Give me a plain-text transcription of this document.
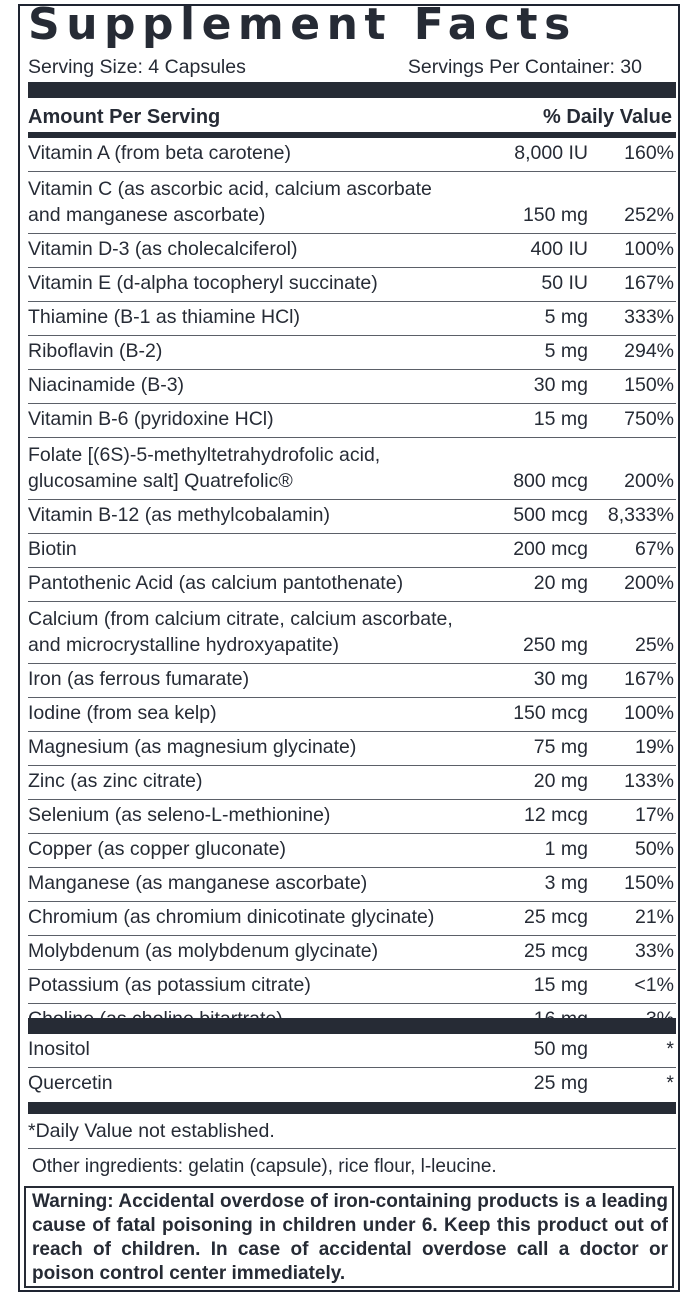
Supplement Facts
Serving Size: 4 Capsules	Servings Per Container: 30
Amount Per Serving	% Daily Value
Vitamin A (from beta carotene)	8,000 IU 160%
Vitamin C (as ascorbic acid, calcium ascorbate
and manganese ascorbate)	150 mg 252%
Vitamin D-3 (as cholecalciferol)	400 IU 100%
Vitamin E (d-alpha tocopheryl succinate)	50 IU 167%
Thiamine (B-1 as thiamine HCl)	5 mg 333%
Riboflavin (B-2)	5 mg 294%
Niacinamide (B-3)	30 mg 150%
Vitamin B-6 (pyridoxine HCl)	15 mg 750%
Folate [(6S)-5-methyltetrahydrofolic acid,
glucosamine salt] Quatrefolic®	800 mcg 200%
Vitamin B-12 (as methylcobalamin)	500 mcg 8,333%
Biotin	200 mcg 67%
Pantothenic Acid (as calcium pantothenate)	20 mg 200%
Calcium (from calcium citrate, calcium ascorbate,
and microcrystalline hydroxyapatite)	250 mg 25%
Iron (as ferrous fumarate)	30 mg 167%
Iodine (from sea kelp)	150 mcg 100%
Magnesium (as magnesium glycinate)	75 mg 19%
Zinc (as zinc citrate)	20 mg 133%
Selenium (as seleno-L-methionine)	12 mcg 17%
Copper (as copper gluconate)	1 mg 50%
Manganese (as manganese ascorbate)	3 mg 150%
Chromium (as chromium dinicotinate glycinate)	25 mcg 21%
Molybdenum (as molybdenum glycinate)	25 mcg 33%
Potassium (as potassium citrate)	15 mg <1%
Inositol	50 mg	*
Quercetin	25 mg	*
*Daily Value not established.
Other ingredients: gelatin (capsule), rice flour, l-leucine.
Warning: Accidental overdose of iron-containing products is a leading cause of fatal poisoning in children under 6. Keep this product out of reach of children. In case of accidental overdose call a doctor or poison control center immediately.
